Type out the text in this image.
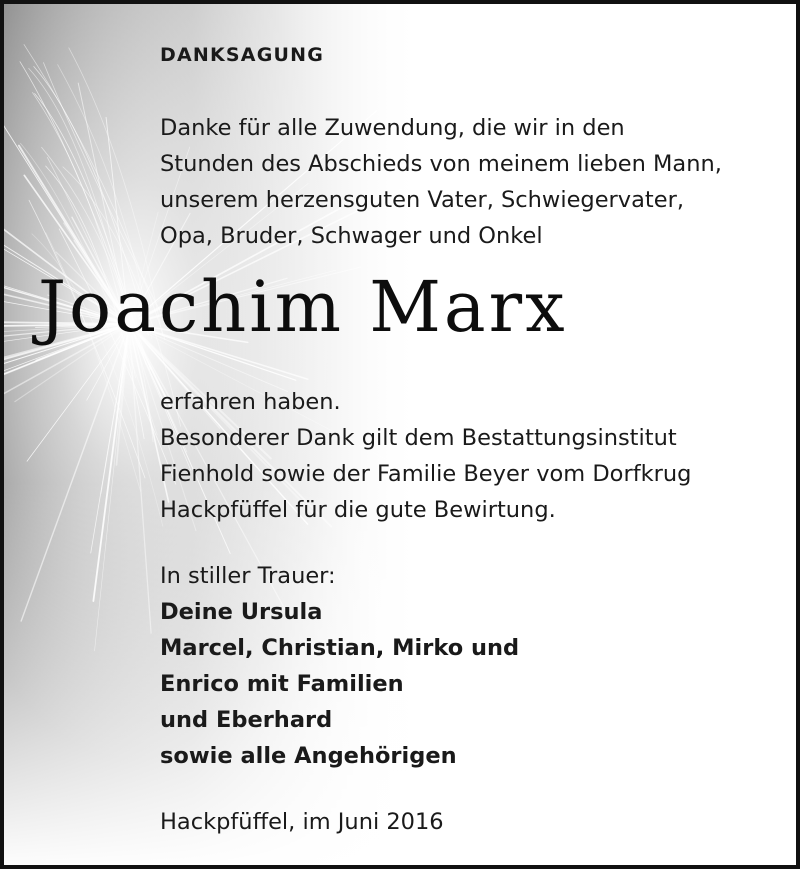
DANKSAGUNG
Danke für alle Zuwendung, die wir in den
Stunden des Abschieds von meinem lieben Mann,
unserem herzensguten Vater, Schwiegervater,
Opa, Bruder, Schwager und Onkel
Joachim Marx
erfahren haben.
Besonderer Dank gilt dem Bestattungsinstitut
Fienhold sowie der Familie Beyer vom Dorfkrug
Hackpfüffel für die gute Bewirtung.
In stiller Trauer:
Deine Ursula
Marcel, Christian, Mirko und
Enrico mit Familien
und Eberhard
sowie alle Angehörigen
Hackpfüffel, im Juni 2016
